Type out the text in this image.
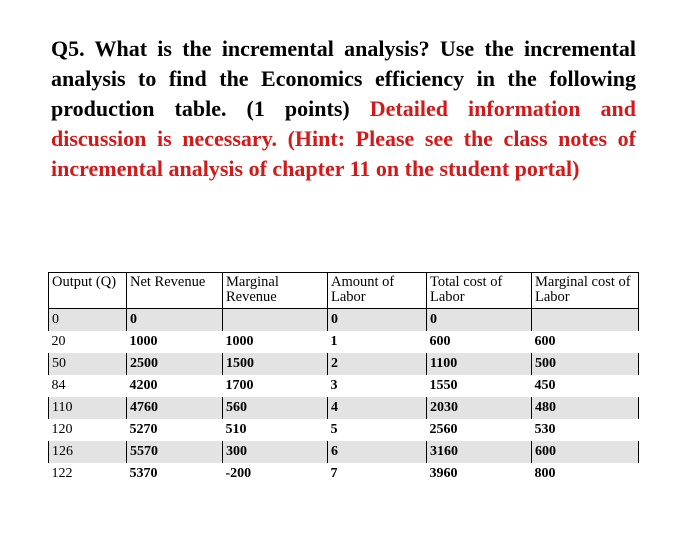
Q5. What is the incremental analysis? Use the incremental analysis to find the Economics efficiency in the following production table. (1 points) Detailed information and discussion is necessary. (Hint: Please see the class notes of incremental analysis of chapter 11 on the student portal)

Output (Q)	Net Revenue	Marginal Revenue	Amount of Labor	Total cost of Labor	Marginal cost of Labor

0	0		0	0	
20	1000	1000	1	600	600
50	2500	1500	2	1100	500
84	4200	1700	3	1550	450
110	4760	560	4	2030	480
120	5270	510	5	2560	530
126	5570	300	6	3160	600
122	5370	-200	7	3960	800
